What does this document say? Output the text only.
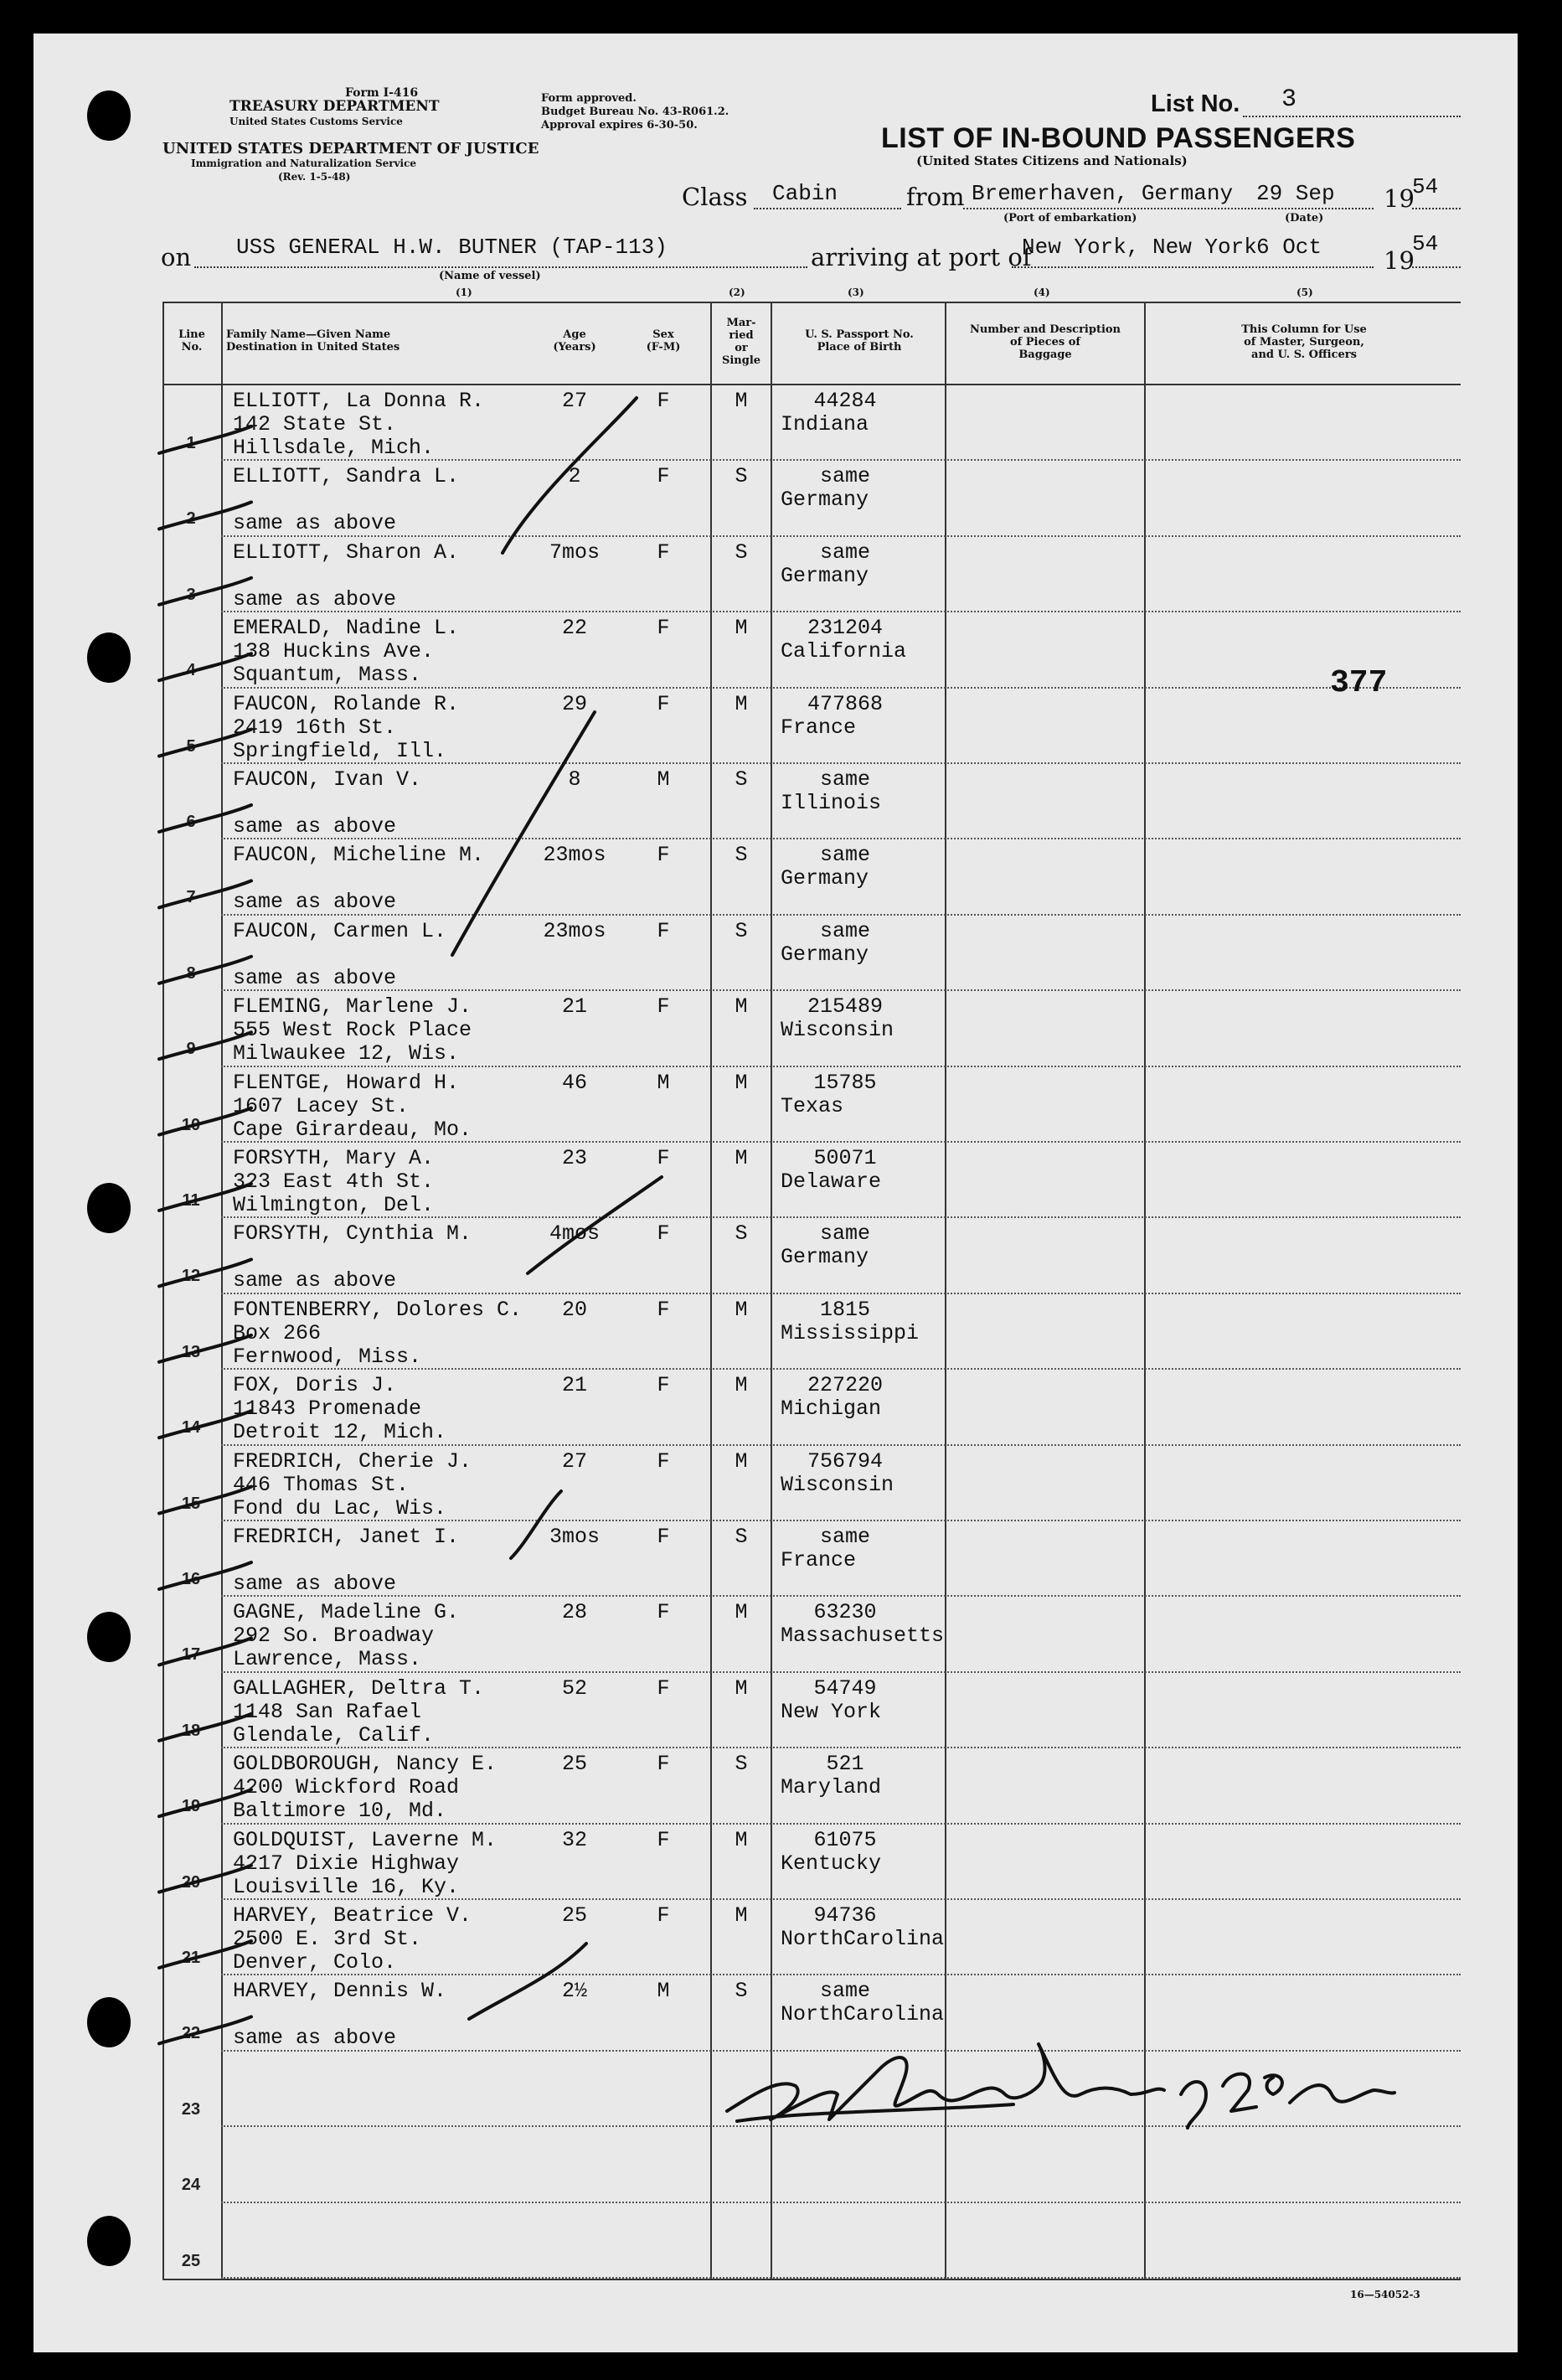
Form I-416
TREASURY DEPARTMENT
United States Customs Service
UNITED STATES DEPARTMENT OF JUSTICE
Immigration and Naturalization Service
(Rev. 1-5-48)
Form approved.
Budget Bureau No. 43-R061.2.
Approval expires 6-30-50.
List No. 3
LIST OF IN-BOUND PASSENGERS
(United States Citizens and Nationals)
Class Cabin	from Bremerhaven, Germany 29 Sep 19
54
(Port of embarkation)	(Date)
on USS GENERAL H.W. BUTNER (TAP-113)	arriving at port of
New York, New York 6 Oct	19
54
(Name of vessel)
(1)	(2)	(3)	(4)	(5)
Line
No.
Family Name—Given Name
Destination in United States
Age
(Years)
Sex
(F-M)
Mar-
ried
or
Single
U. S. Passport No.
Place of Birth
Number and Description
of Pieces of
Baggage
This Column for Use
of Master, Surgeon,
and U. S. Officers
1
ELLIOTT, La Donna R.
142 State St.
Hillsdale, Mich.
27	F	M	44284
Indiana
2
ELLIOTT, Sandra L.
same as above
2	F	S	same
Germany
3
ELLIOTT, Sharon A.
same as above
7mos	F	S	same
Germany
4
EMERALD, Nadine L.
138 Huckins Ave.
Squantum, Mass.
22	F	M	231204
California
5
FAUCON, Rolande R.
2419 16th St.
Springfield, Ill.
29	F	M	477868
France
6
FAUCON, Ivan V.
same as above
8	M	S	same
Illinois
7
FAUCON, Micheline M.
same as above
23mos	F	S	same
Germany
8
FAUCON, Carmen L.
same as above
23mos	F	S	same
Germany
9
FLEMING, Marlene J.
555 West Rock Place
Milwaukee 12, Wis.
21	F	M	215489
Wisconsin
10
FLENTGE, Howard H.
1607 Lacey St.
Cape Girardeau, Mo.
46	M	M	15785
Texas
11
FORSYTH, Mary A.
323 East 4th St.
Wilmington, Del.
23	F	M	50071
Delaware
12
FORSYTH, Cynthia M.
same as above
4mos	F	S	same
Germany
13
FONTENBERRY, Dolores C.
Box 266
Fernwood, Miss.
20	F	M	1815
Mississippi
14
FOX, Doris J.
11843 Promenade
Detroit 12, Mich.
21	F	M	227220
Michigan
15
FREDRICH, Cherie J.
446 Thomas St.
Fond du Lac, Wis.
27	F	M	756794
Wisconsin
16
FREDRICH, Janet I.
same as above
3mos	F	S	same
France
17
GAGNE, Madeline G.
292 So. Broadway
Lawrence, Mass.
28	F	M	63230
Massachusetts
18
GALLAGHER, Deltra T.
1148 San Rafael
Glendale, Calif.
52	F	M	54749
New York
19
GOLDBOROUGH, Nancy E.
4200 Wickford Road
Baltimore 10, Md.
25	F	S	521
Maryland
20
GOLDQUIST, Laverne M.
4217 Dixie Highway
Louisville 16, Ky.
32	F	M	61075
Kentucky
21
HARVEY, Beatrice V.
2500 E. 3rd St.
Denver, Colo.
25	F	M	94736
NorthCarolina
22
HARVEY, Dennis W.
same as above
2½	M	S	same
NorthCarolina
23
24
25
377
16—54052-3
